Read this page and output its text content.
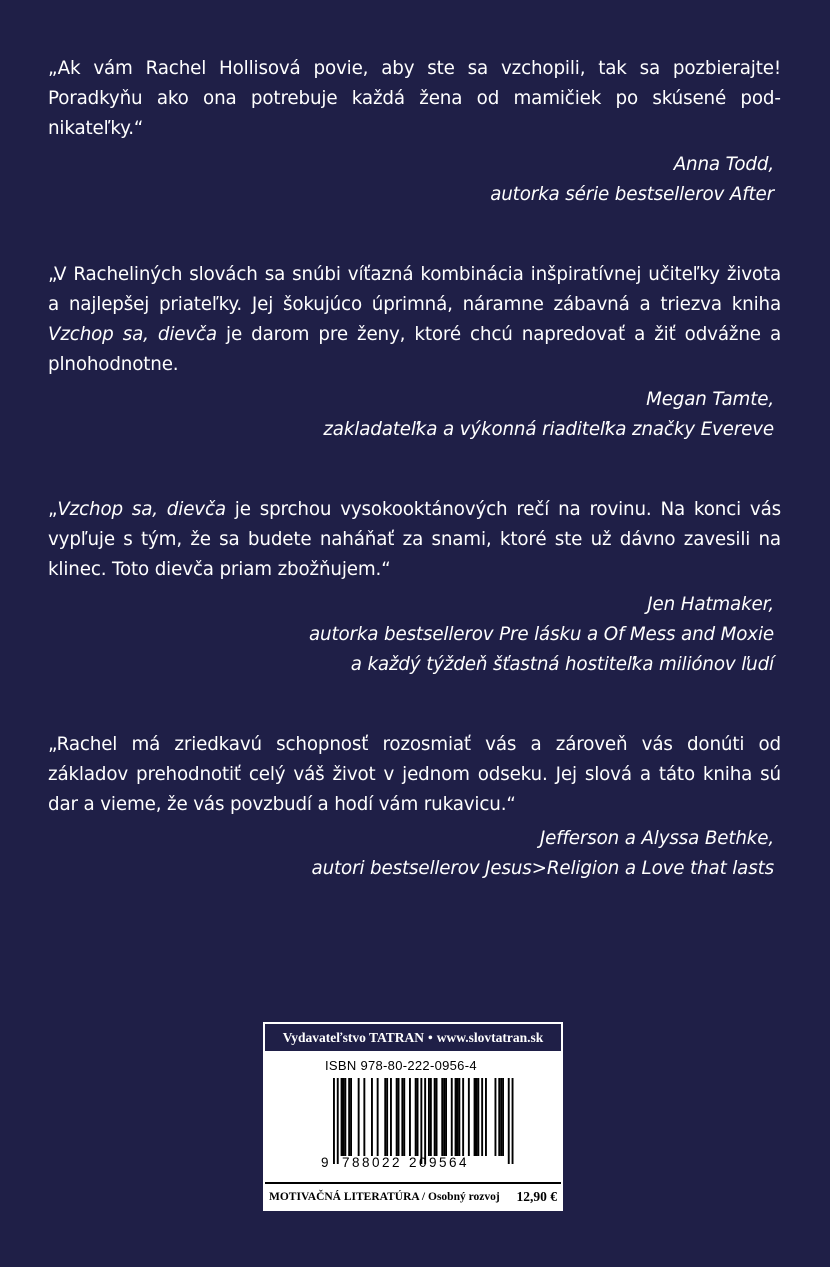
„Ak vám Rachel Hollisová povie, aby ste sa vzchopili, tak sa pozbierajte! Poradkyňu ako ona potrebuje každá žena od mamičiek po skúsené podnikateľky.“
Anna Todd,
autorka série bestsellerov After
„V Racheliných slovách sa snúbi víťazná kombinácia inšpiratívnej učiteľky života a najlepšej priateľky. Jej šokujúco úprimná, náramne zábavná a triezva kniha Vzchop sa, dievča je darom pre ženy, ktoré chcú napredovať a žiť odvážne a plnohodnotne.
Megan Tamte,
zakladateľka a výkonná riaditeľka značky Evereve
„Vzchop sa, dievča je sprchou vysokooktánových rečí na rovinu. Na konci vás vypľuje s tým, že sa budete naháňať za snami, ktoré ste už dávno zavesili na klinec. Toto dievča priam zbožňujem.“
Jen Hatmaker,
autorka bestsellerov Pre lásku a Of Mess and Moxie
a každý týždeň šťastná hostiteľka miliónov ľudí
„Rachel má zriedkavú schopnosť rozosmiať vás a zároveň vás donúti od základov prehodnotiť celý váš život v jednom odseku. Jej slová a táto kniha sú dar a vieme, že vás povzbudí a hodí vám rukavicu.“
Jefferson a Alyssa Bethke,
autori bestsellerov Jesus>Religion a Love that lasts
Vydavateľstvo TATRAN • www.slovtatran.sk
ISBN 978-80-222-0956-4
9 788022 209564
MOTIVAČNÁ LITERATÚRA / Osobný rozvoj 12,90 €
